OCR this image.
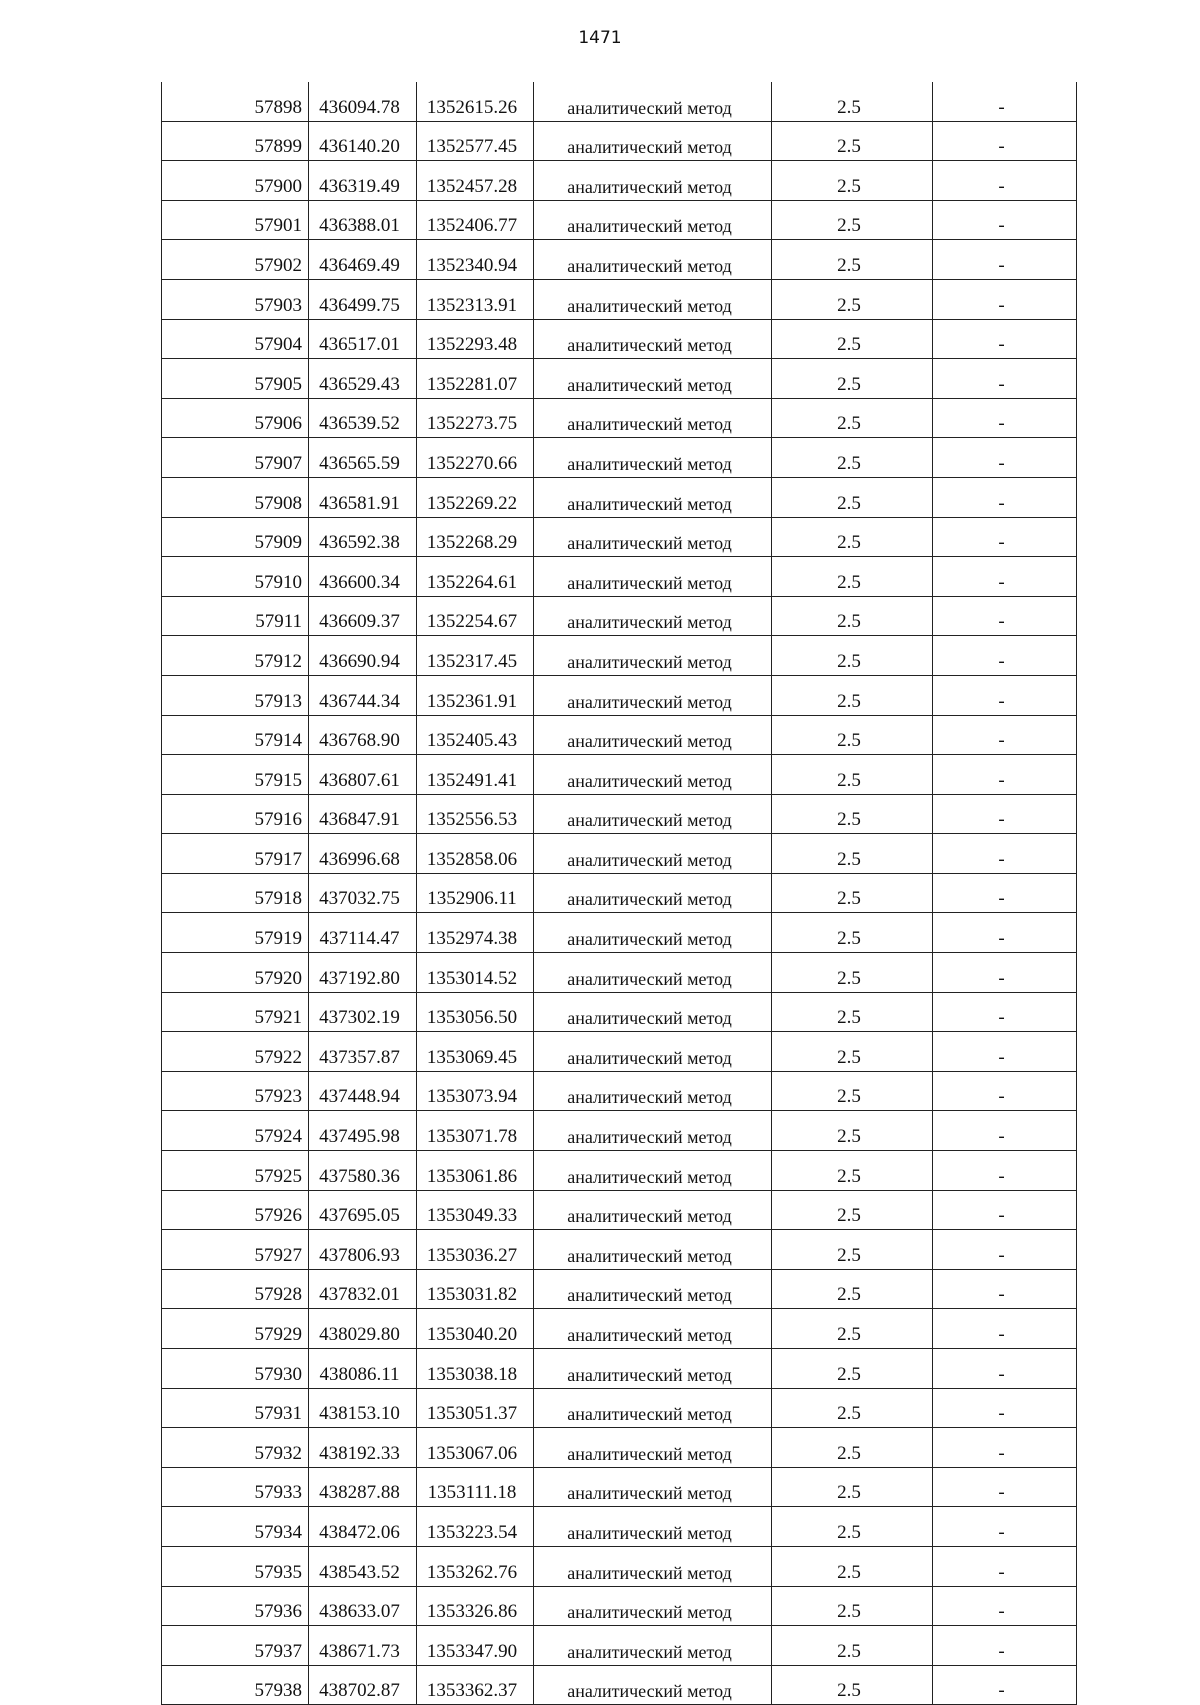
1471
57898	436094.78	1352615.26	аналитический метод	2.5	-
57899	436140.20	1352577.45	аналитический метод	2.5	-
57900	436319.49	1352457.28	аналитический метод	2.5	-
57901	436388.01	1352406.77	аналитический метод	2.5	-
57902	436469.49	1352340.94	аналитический метод	2.5	-
57903	436499.75	1352313.91	аналитический метод	2.5	-
57904	436517.01	1352293.48	аналитический метод	2.5	-
57905	436529.43	1352281.07	аналитический метод	2.5	-
57906	436539.52	1352273.75	аналитический метод	2.5	-
57907	436565.59	1352270.66	аналитический метод	2.5	-
57908	436581.91	1352269.22	аналитический метод	2.5	-
57909	436592.38	1352268.29	аналитический метод	2.5	-
57910	436600.34	1352264.61	аналитический метод	2.5	-
57911	436609.37	1352254.67	аналитический метод	2.5	-
57912	436690.94	1352317.45	аналитический метод	2.5	-
57913	436744.34	1352361.91	аналитический метод	2.5	-
57914	436768.90	1352405.43	аналитический метод	2.5	-
57915	436807.61	1352491.41	аналитический метод	2.5	-
57916	436847.91	1352556.53	аналитический метод	2.5	-
57917	436996.68	1352858.06	аналитический метод	2.5	-
57918	437032.75	1352906.11	аналитический метод	2.5	-
57919	437114.47	1352974.38	аналитический метод	2.5	-
57920	437192.80	1353014.52	аналитический метод	2.5	-
57921	437302.19	1353056.50	аналитический метод	2.5	-
57922	437357.87	1353069.45	аналитический метод	2.5	-
57923	437448.94	1353073.94	аналитический метод	2.5	-
57924	437495.98	1353071.78	аналитический метод	2.5	-
57925	437580.36	1353061.86	аналитический метод	2.5	-
57926	437695.05	1353049.33	аналитический метод	2.5	-
57927	437806.93	1353036.27	аналитический метод	2.5	-
57928	437832.01	1353031.82	аналитический метод	2.5	-
57929	438029.80	1353040.20	аналитический метод	2.5	-
57930	438086.11	1353038.18	аналитический метод	2.5	-
57931	438153.10	1353051.37	аналитический метод	2.5	-
57932	438192.33	1353067.06	аналитический метод	2.5	-
57933	438287.88	1353111.18	аналитический метод	2.5	-
57934	438472.06	1353223.54	аналитический метод	2.5	-
57935	438543.52	1353262.76	аналитический метод	2.5	-
57936	438633.07	1353326.86	аналитический метод	2.5	-
57937	438671.73	1353347.90	аналитический метод	2.5	-
57938	438702.87	1353362.37	аналитический метод	2.5	-
